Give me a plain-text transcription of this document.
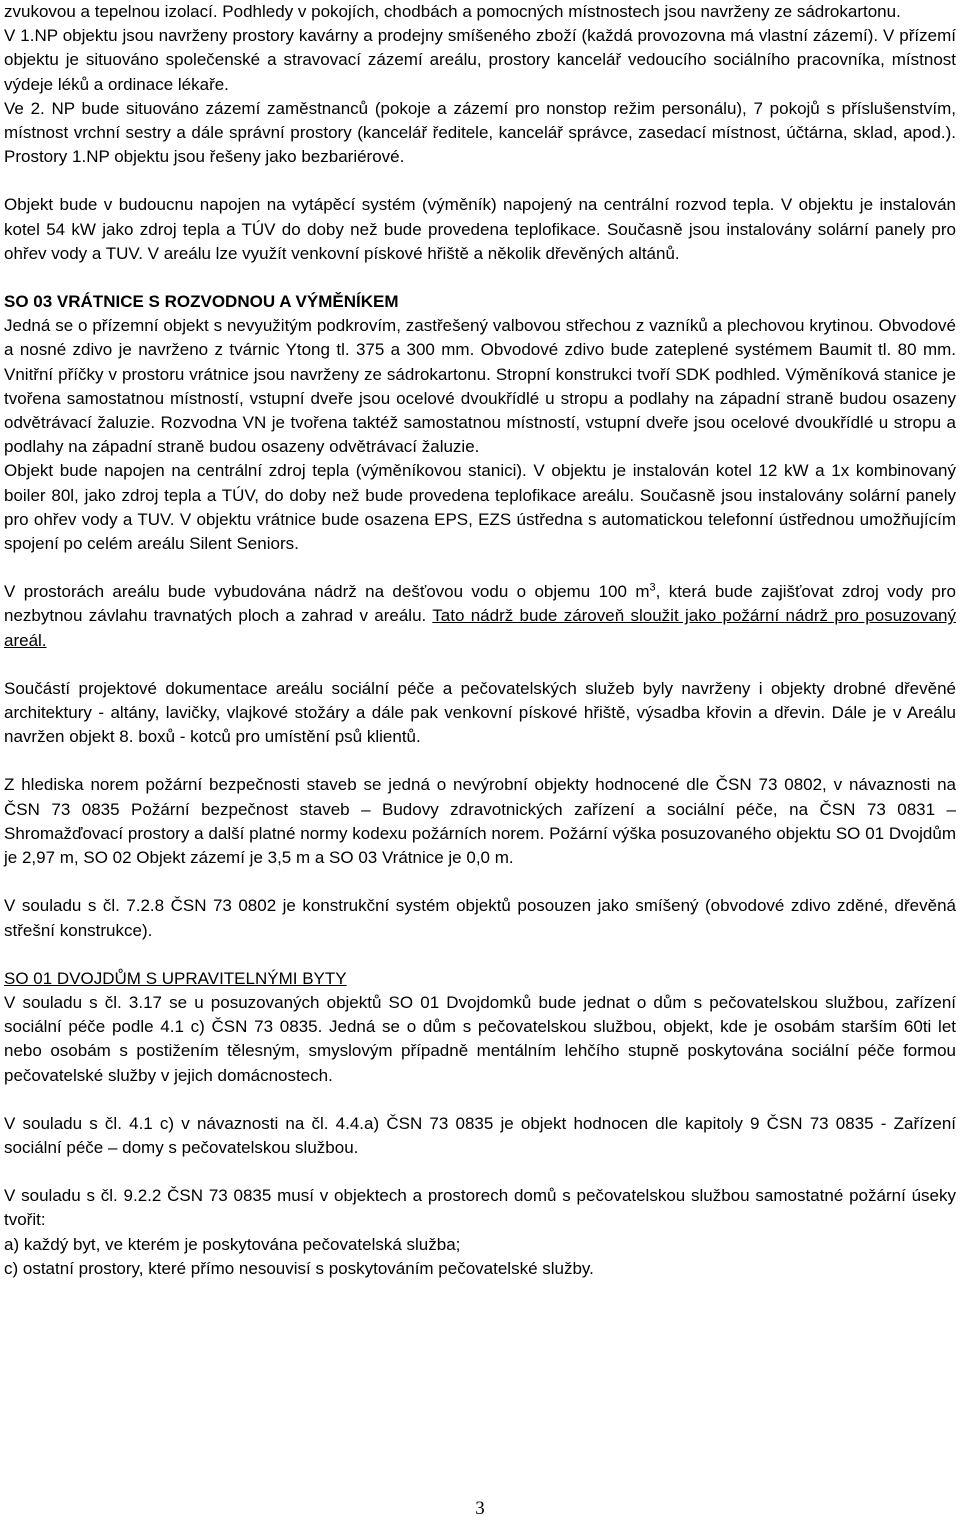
zvukovou a tepelnou izolací. Podhledy v pokojích, chodbách a pomocných místnostech jsou navrženy ze sádrokartonu.

V 1.NP objektu jsou navrženy prostory kavárny a prodejny smíšeného zboží (každá provozovna má vlastní zázemí). V přízemí objektu je situováno společenské a stravovací zázemí areálu, prostory kancelář vedoucího sociálního pracovníka, místnost výdeje léků a ordinace lékaře.

Ve 2. NP bude situováno zázemí zaměstnanců (pokoje a zázemí pro nonstop režim personálu), 7 pokojů s příslušenstvím, místnost vrchní sestry a dále správní prostory (kancelář ředitele, kancelář správce, zasedací místnost, účtárna, sklad, apod.). Prostory 1.NP objektu jsou řešeny jako bezbariérové.

Objekt bude v budoucnu napojen na vytápěcí systém (výměník) napojený na centrální rozvod tepla. V objektu je instalován kotel 54 kW jako zdroj tepla a TÚV do doby než bude provedena teplofikace. Současně jsou instalovány solární panely pro ohřev vody a TUV. V areálu lze využít venkovní pískové hřiště a několik dřevěných altánů.

SO 03 VRÁTNICE S ROZVODNOU A VÝMĚNÍKEM

Jedná se o přízemní objekt s nevyužitým podkrovím, zastřešený valbovou střechou z vazníků a plechovou krytinou. Obvodové a nosné zdivo je navrženo z tvárnic Ytong tl. 375 a 300 mm. Obvodové zdivo bude zateplené systémem Baumit tl. 80 mm. Vnitřní příčky v prostoru vrátnice jsou navrženy ze sádrokartonu. Stropní konstrukci tvoří SDK podhled. Výměníková stanice je tvořena samostatnou místností, vstupní dveře jsou ocelové dvoukřídlé u stropu a podlahy na západní straně budou osazeny odvětrávací žaluzie. Rozvodna VN je tvořena taktéž samostatnou místností, vstupní dveře jsou ocelové dvoukřídlé u stropu a podlahy na západní straně budou osazeny odvětrávací žaluzie.

Objekt bude napojen na centrální zdroj tepla (výměníkovou stanici). V objektu je instalován kotel 12 kW a 1x kombinovaný boiler 80l, jako zdroj tepla a TÚV, do doby než bude provedena teplofikace areálu. Současně jsou instalovány solární panely pro ohřev vody a TUV. V objektu vrátnice bude osazena EPS, EZS ústředna s automatickou telefonní ústřednou umožňujícím spojení po celém areálu Silent Seniors.

V prostorách areálu bude vybudována nádrž na dešťovou vodu o objemu 100 $m^3$, která bude zajišťovat zdroj vody pro nezbytnou závlahu travnatých ploch a zahrad v areálu. Tato nádrž bude zároveň sloužit jako požární nádrž pro posuzovaný areál.

Součástí projektové dokumentace areálu sociální péče a pečovatelských služeb byly navrženy i objekty drobné dřevěné architektury - altány, lavičky, vlajkové stožáry a dále pak venkovní pískové hřiště, výsadba křovin a dřevin. Dále je v Areálu navržen objekt 8. boxů - kotců pro umístění psů klientů.

Z hlediska norem požární bezpečnosti staveb se jedná o nevýrobní objekty hodnocené dle ČSN 73 0802, v návaznosti na ČSN 73 0835 Požární bezpečnost staveb – Budovy zdravotnických zařízení a sociální péče, na ČSN 73 0831 – Shromažďovací prostory a další platné normy kodexu požárních norem. Požární výška posuzovaného objektu SO 01 Dvojdům je 2,97 m, SO 02 Objekt zázemí je 3,5 m a SO 03 Vrátnice je 0,0 m.

V souladu s čl. 7.2.8 ČSN 73 0802 je konstrukční systém objektů posouzen jako smíšený (obvodové zdivo zděné, dřevěná střešní konstrukce).

SO 01 DVOJDŮM S UPRAVITELNÝMI BYTY

V souladu s čl. 3.17 se u posuzovaných objektů SO 01 Dvojdomků bude jednat o dům s pečovatelskou službou, zařízení sociální péče podle 4.1 c) ČSN 73 0835. Jedná se o dům s pečovatelskou službou, objekt, kde je osobám starším 60ti let nebo osobám s postižením tělesným, smyslovým případně mentálním lehčího stupně poskytována sociální péče formou pečovatelské služby v jejich domácnostech.

V souladu s čl. 4.1 c) v návaznosti na čl. 4.4.a) ČSN 73 0835 je objekt hodnocen dle kapitoly 9 ČSN 73 0835 - Zařízení sociální péče – domy s pečovatelskou službou.

V souladu s čl. 9.2.2 ČSN 73 0835 musí v objektech a prostorech domů s pečovatelskou službou samostatné požární úseky tvořit:

a) každý byt, ve kterém je poskytována pečovatelská služba;

c) ostatní prostory, které přímo nesouvisí s poskytováním pečovatelské služby.

3
